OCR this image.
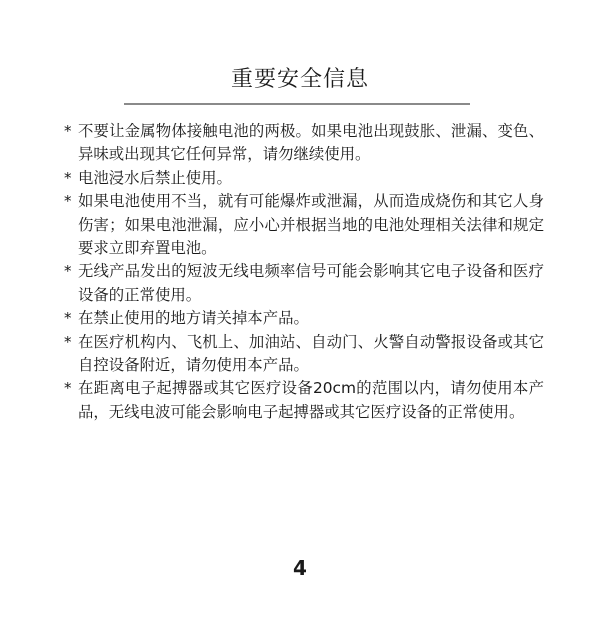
重要安全信息
* 不要让金属物体接触电池的两极。如果电池出现鼓胀、泄漏、变色、异味或出现其它任何异常，请勿继续使用。
* 电池浸水后禁止使用。
* 如果电池使用不当，就有可能爆炸或泄漏，从而造成烧伤和其它人身伤害；如果电池泄漏，应小心并根据当地的电池处理相关法律和规定要求立即弃置电池。
* 无线产品发出的短波无线电频率信号可能会影响其它电子设备和医疗设备的正常使用。
* 在禁止使用的地方请关掉本产品。
* 在医疗机构内、飞机上、加油站、自动门、火警自动警报设备或其它自控设备附近，请勿使用本产品。
* 在距离电子起搏器或其它医疗设备20cm的范围以内，请勿使用本产品，无线电波可能会影响电子起搏器或其它医疗设备的正常使用。
4
